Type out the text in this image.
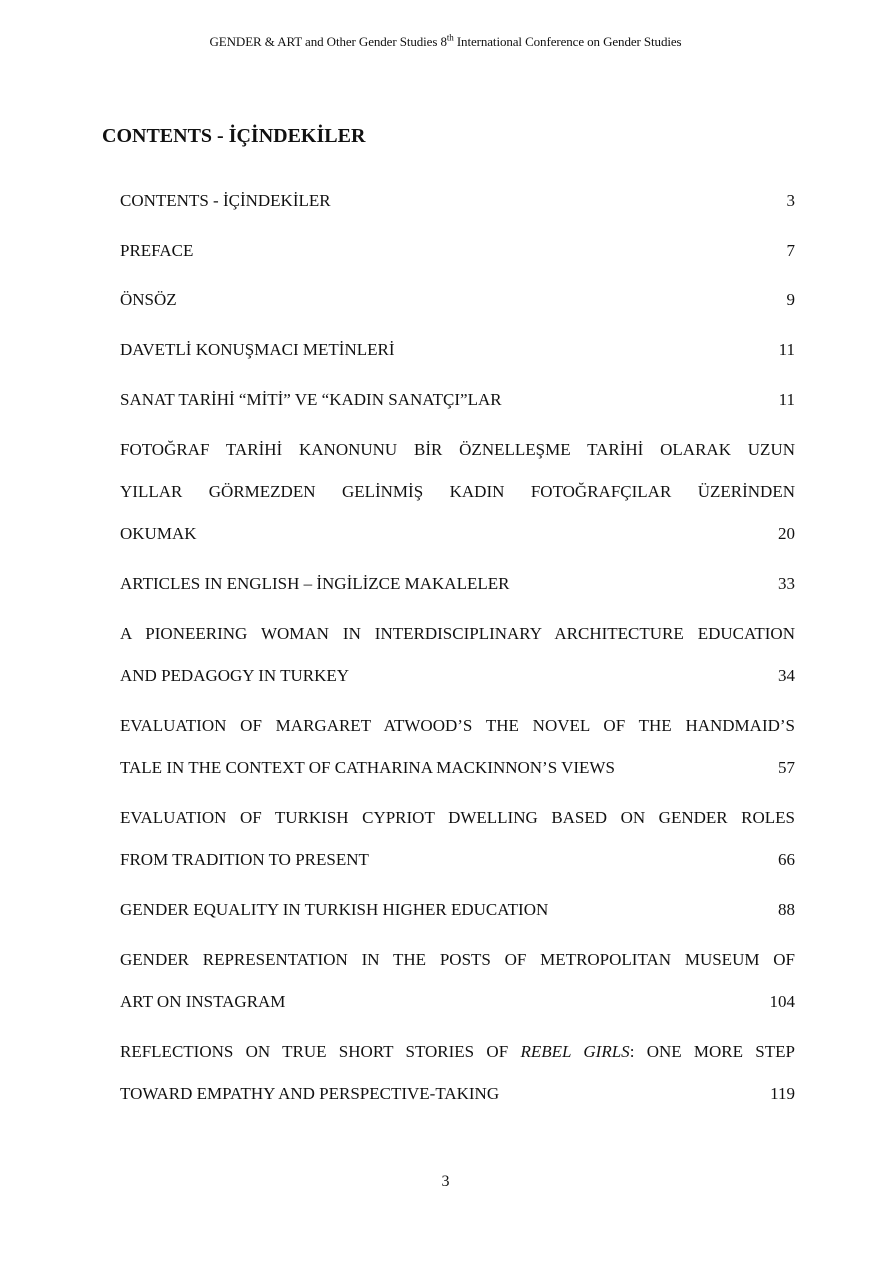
GENDER & ART and Other Gender Studies 8th International Conference on Gender Studies
CONTENTS - İÇİNDEKİLER
CONTENTS - İÇİNDEKİLER	3
PREFACE	7
ÖNSÖZ	9
DAVETLİ KONUŞMACI METİNLERİ	11
SANAT TARİHİ “MİTİ” VE “KADIN SANATÇI”LAR	11
FOTOĞRAF TARİHİ KANONUNU BİR ÖZNELLEŞME TARİHİ OLARAK UZUN
YILLAR GÖRMEZDEN GELİNMİŞ KADIN FOTOĞRAFÇILAR ÜZERİNDEN
OKUMAK	20
ARTICLES IN ENGLISH – İNGİLİZCE MAKALELER	33
A PIONEERING WOMAN IN INTERDISCIPLINARY ARCHITECTURE EDUCATION
AND PEDAGOGY IN TURKEY	34
EVALUATION OF MARGARET ATWOOD’S THE NOVEL OF THE HANDMAID’S
TALE IN THE CONTEXT OF CATHARINA MACKINNON’S VIEWS	57
EVALUATION OF TURKISH CYPRIOT DWELLING BASED ON GENDER ROLES
FROM TRADITION TO PRESENT	66
GENDER EQUALITY IN TURKISH HIGHER EDUCATION	88
GENDER REPRESENTATION IN THE POSTS OF METROPOLITAN MUSEUM OF
ART ON INSTAGRAM	104
REFLECTIONS ON TRUE SHORT STORIES OF REBEL GIRLS: ONE MORE STEP
TOWARD EMPATHY AND PERSPECTIVE-TAKING	119
3
